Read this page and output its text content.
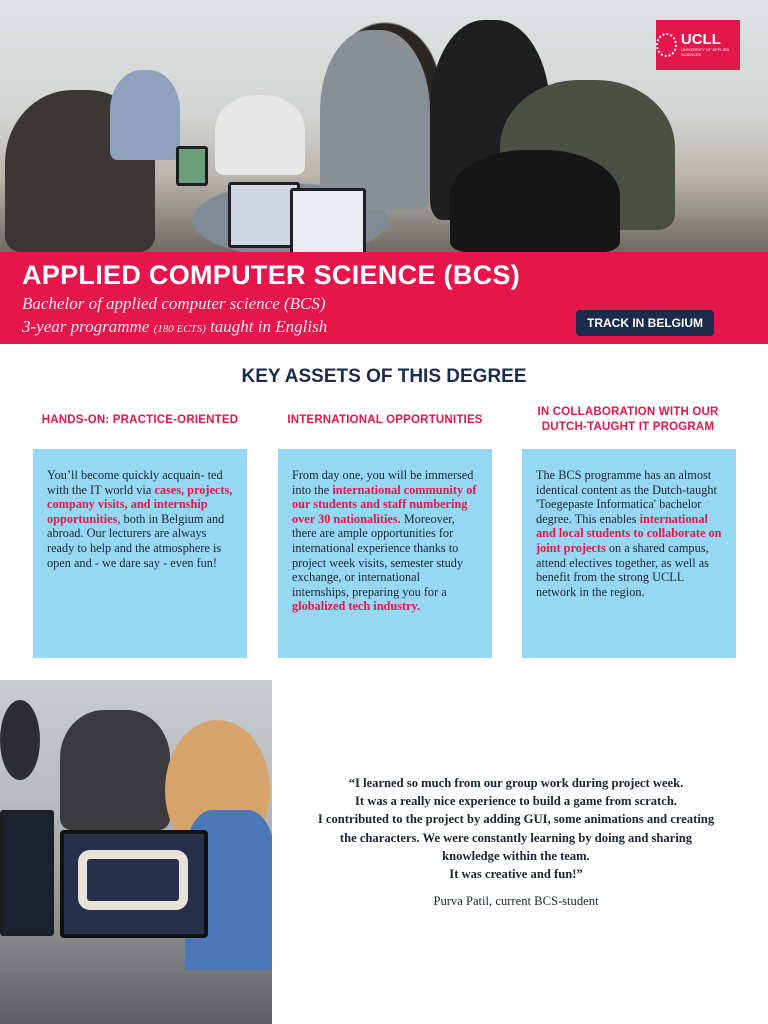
UCLL
UNIVERSITY OF APPLIED SCIENCES
APPLIED COMPUTER SCIENCE (BCS)
Bachelor of applied computer science (BCS)
3-year programme (180 ECTS) taught in English	TRACK IN BELGIUM
KEY ASSETS OF THIS DEGREE
HANDS-ON: PRACTICE-ORIENTED	INTERNATIONAL OPPORTUNITIES
IN COLLABORATION WITH OUR
DUTCH-TAUGHT IT PROGRAM
You’ll become quickly acquain- ted with the IT world via cases, projects, company visits, and internship opportunities, both in Belgium and abroad. Our lecturers are always ready to help and the atmosphere is open and - we dare say - even fun!
From day one, you will be immersed into the international community of our students and staff numbering over 30 nationalities. Moreover, there are ample opportunities for international experience thanks to project week visits, semester study exchange, or international internships, preparing you for a globalized tech industry.
The BCS programme has an almost identical content as the Dutch-taught 'Toegepaste Informatica' bachelor degree. This enables international and local students to collaborate on joint projects on a shared campus, attend electives together, as well as benefit from the strong UCLL network in the region.

“I learned so much from our group work during project week.
It was a really nice experience to build a game from scratch.
I contributed to the project by adding GUI, some animations and creating
the characters. We were constantly learning by doing and sharing
knowledge within the team.
It was creative and fun!”

Purva Patil, current BCS-student
